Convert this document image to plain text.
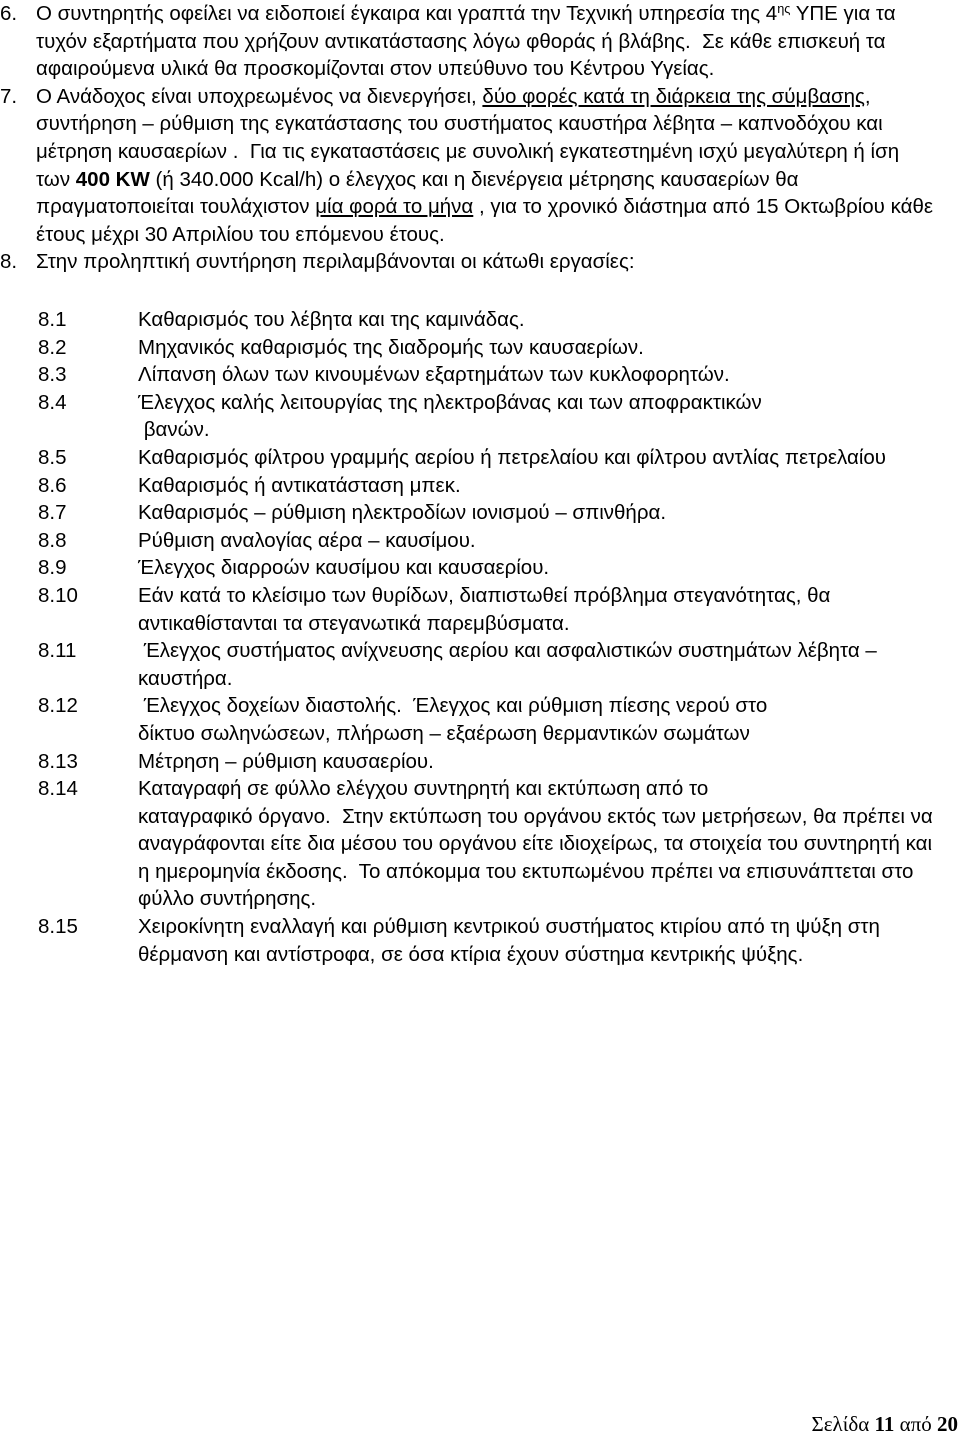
6. Ο συντηρητής οφείλει να ειδοποιεί έγκαιρα και γραπτά την Τεχνική υπηρεσία της $4^{\eta\varsigma}$ ΥΠΕ για τα
τυχόν εξαρτήματα που χρήζουν αντικατάστασης λόγω φθοράς ή βλάβης.  Σε κάθε επισκευή τα
αφαιρούμενα υλικά θα προσκομίζονται στον υπεύθυνο του Κέντρου Υγείας.
7. Ο Ανάδοχος είναι υποχρεωμένος να διενεργήσει, δύο φορές κατά τη διάρκεια της σύμβασης,
συντήρηση – ρύθμιση της εγκατάστασης του συστήματος καυστήρα λέβητα – καπνοδόχου και
μέτρηση καυσαερίων .  Για τις εγκαταστάσεις με συνολική εγκατεστημένη ισχύ μεγαλύτερη ή ίση
των 400 KW (ή 340.000 Kcal/h) ο έλεγχος και η διενέργεια μέτρησης καυσαερίων θα
πραγματοποιείται τουλάχιστον μία φορά το μήνα , για το χρονικό διάστημα από 15 Οκτωβρίου κάθε
έτους μέχρι 30 Απριλίου του επόμενου έτους.
8. Στην προληπτική συντήρηση περιλαμβάνονται οι κάτωθι εργασίες:
8.1	Καθαρισμός του λέβητα και της καμινάδας.
8.2	Μηχανικός καθαρισμός της διαδρομής των καυσαερίων.
8.3	Λίπανση όλων των κινουμένων εξαρτημάτων των κυκλοφορητών.
8.4	Έλεγχος καλής λειτουργίας της ηλεκτροβάνας και των αποφρακτικών
βανών.
8.5	Καθαρισμός φίλτρου γραμμής αερίου ή πετρελαίου και φίλτρου αντλίας πετρελαίου
8.6	Καθαρισμός ή αντικατάσταση μπεκ.
8.7	Καθαρισμός – ρύθμιση ηλεκτροδίων ιονισμού – σπινθήρα.
8.8	Ρύθμιση αναλογίας αέρα – καυσίμου.
8.9	Έλεγχος διαρροών καυσίμου και καυσαερίου.
8.10	Εάν κατά το κλείσιμο των θυρίδων, διαπιστωθεί πρόβλημα στεγανότητας, θα
αντικαθίστανται τα στεγανωτικά παρεμβύσματα.
8.11	Έλεγχος συστήματος ανίχνευσης αερίου και ασφαλιστικών συστημάτων λέβητα –
καυστήρα.
8.12	Έλεγχος δοχείων διαστολής.  Έλεγχος και ρύθμιση πίεσης νερού στο
δίκτυο σωληνώσεων, πλήρωση – εξαέρωση θερμαντικών σωμάτων
8.13	Μέτρηση – ρύθμιση καυσαερίου.
8.14	Καταγραφή σε φύλλο ελέγχου συντηρητή και εκτύπωση από το
καταγραφικό όργανο.  Στην εκτύπωση του οργάνου εκτός των μετρήσεων, θα πρέπει να
αναγράφονται είτε δια μέσου του οργάνου είτε ιδιοχείρως, τα στοιχεία του συντηρητή και
η ημερομηνία έκδοσης.  Το απόκομμα του εκτυπωμένου πρέπει να επισυνάπτεται στο
φύλλο συντήρησης.
8.15	Χειροκίνητη εναλλαγή και ρύθμιση κεντρικού συστήματος κτιρίου από τη ψύξη στη
θέρμανση και αντίστροφα, σε όσα κτίρια έχουν σύστημα κεντρικής ψύξης.
Σελίδα 11 από 20
